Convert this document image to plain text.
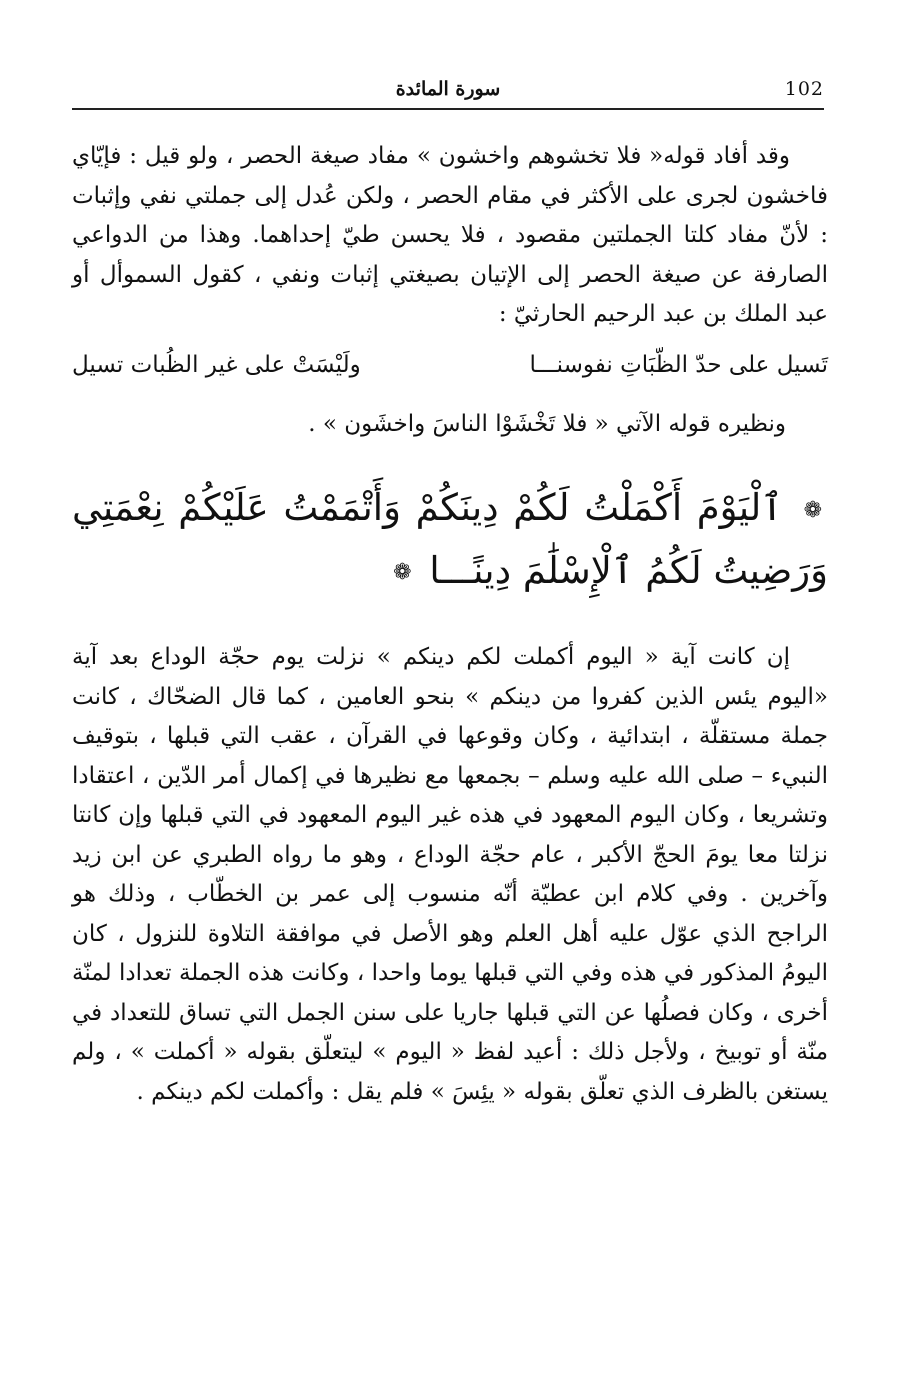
102
سورة المائدة

وقد أفاد قوله« فلا تخشوهم واخشون » مفاد صيغة الحصر ، ولو قيل : فإيّاي فاخشون لجرى على الأكثر في مقام الحصر ، ولكن عُدل إلى جملتي نفي وإثبات : لأنّ مفاد كلتا الجملتين مقصود ، فلا يحسن طيّ إحداهما. وهذا من الدواعي الصارفة عن صيغة الحصر إلى الإتيان بصيغتي إثبات ونفي ، كقول السموأل أو عبد الملك بن عبد الرحيم الحارثيّ :

تَسيل على حدّ الظّبَاتِ نفوسنـــا
ولَيْسَتْ على غير الظُبات تسيل

ونظيره قوله الآتي « فلا تَخْشَوْا الناسَ واخشَون » .

❁ ٱلْيَوْمَ أَكْمَلْتُ لَكُمْ دِينَكُمْ وَأَتْمَمْتُ عَلَيْكُمْ نِعْمَتِي وَرَضِيتُ لَكُمُ ٱلْإِسْلَٰمَ دِينًـــا ❁

إن كانت آية « اليوم أكملت لكم دينكم » نزلت يوم حجّة الوداع بعد آية «اليوم يئس الذين كفروا من دينكم » بنحو العامين ، كما قال الضحّاك ، كانت جملة مستقلّة ، ابتدائية ، وكان وقوعها في القرآن ، عقب التي قبلها ، بتوقيف النبيء – صلى الله عليه وسلم – بجمعها مع نظيرها في إكمال أمر الدّين ، اعتقادا وتشريعا ، وكان اليوم المعهود في هذه غير اليوم المعهود في التي قبلها وإن كانتا نزلتا معا يومَ الحجّ الأكبر ، عام حجّة الوداع ، وهو ما رواه الطبري عن ابن زيد وآخرين . وفي كلام ابن عطيّة أنّه منسوب إلى عمر بن الخطّاب ، وذلك هو الراجح الذي عوّل عليه أهل العلم وهو الأصل في موافقة التلاوة للنزول ، كان اليومُ المذكور في هذه وفي التي قبلها يوما واحدا ، وكانت هذه الجملة تعدادا لمنّة أخرى ، وكان فصلُها عن التي قبلها جاريا على سنن الجمل التي تساق للتعداد في منّة أو توبيخ ، ولأجل ذلك : أعيد لفظ « اليوم » ليتعلّق بقوله « أكملت » ، ولم يستغن بالظرف الذي تعلّق بقوله « يئِسَ » فلم يقل : وأكملت لكم دينكم .
